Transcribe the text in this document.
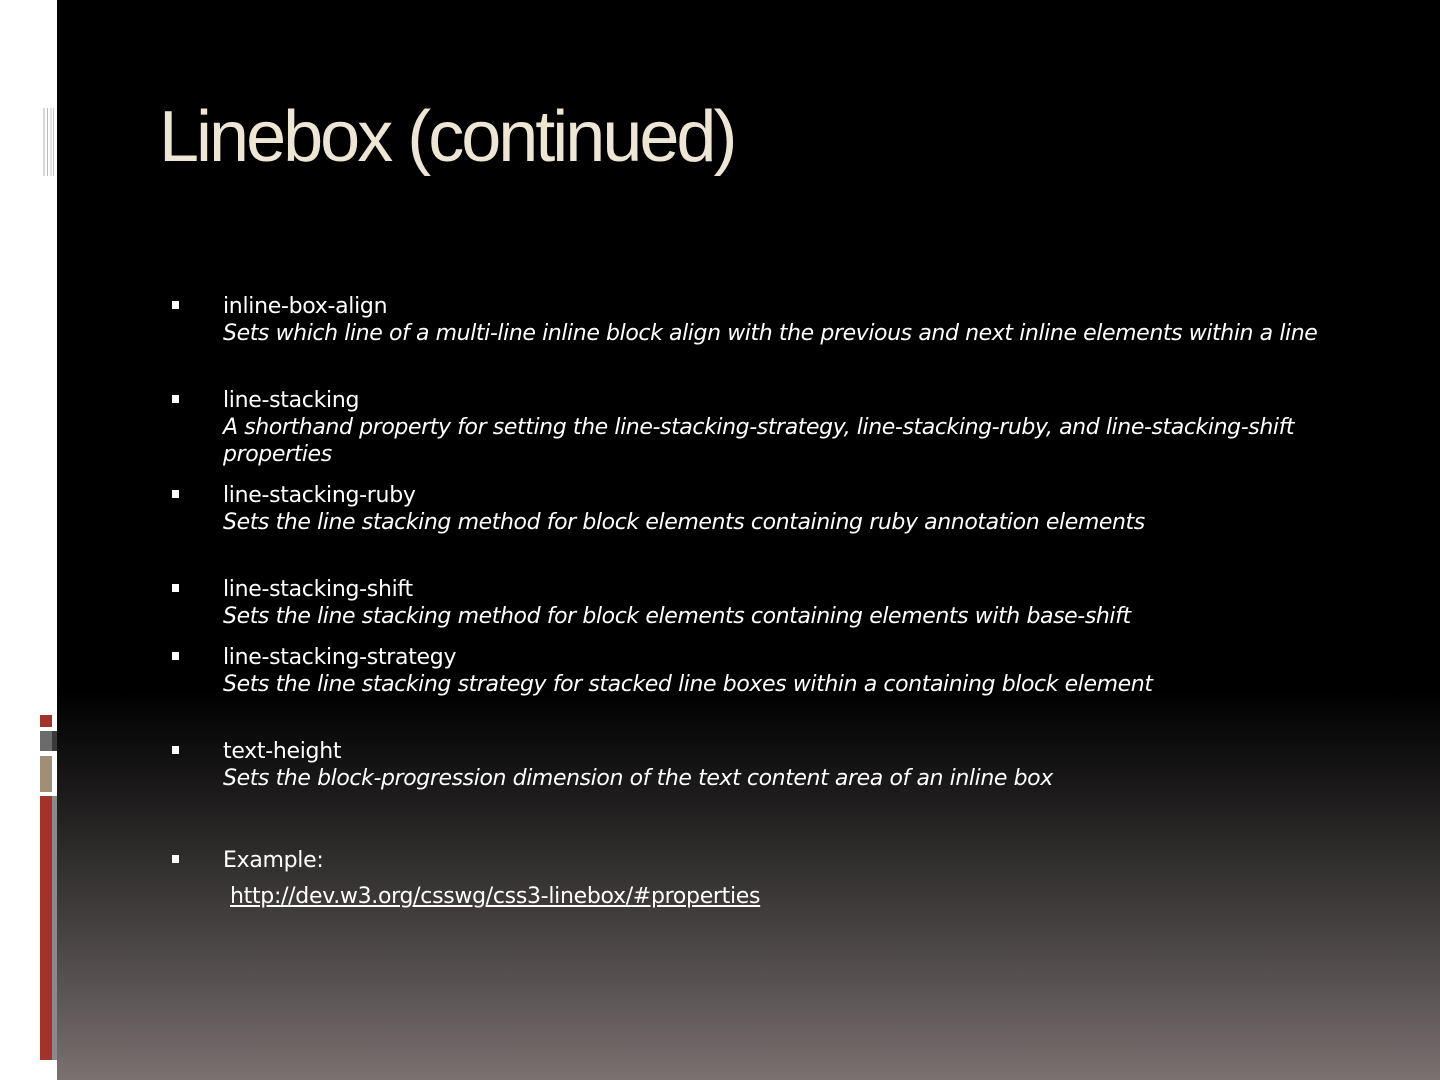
Linebox (continued)
inline-box-align
Sets which line of a multi-line inline block align with the previous and next inline elements within a line
line-stacking
A shorthand property for setting the line-stacking-strategy, line-stacking-ruby, and line-stacking-shift properties
line-stacking-ruby
Sets the line stacking method for block elements containing ruby annotation elements
line-stacking-shift
Sets the line stacking method for block elements containing elements with base-shift
line-stacking-strategy
Sets the line stacking strategy for stacked line boxes within a containing block element
text-height
Sets the block-progression dimension of the text content area of an inline box
Example:
http://dev.w3.org/csswg/css3-linebox/#properties
